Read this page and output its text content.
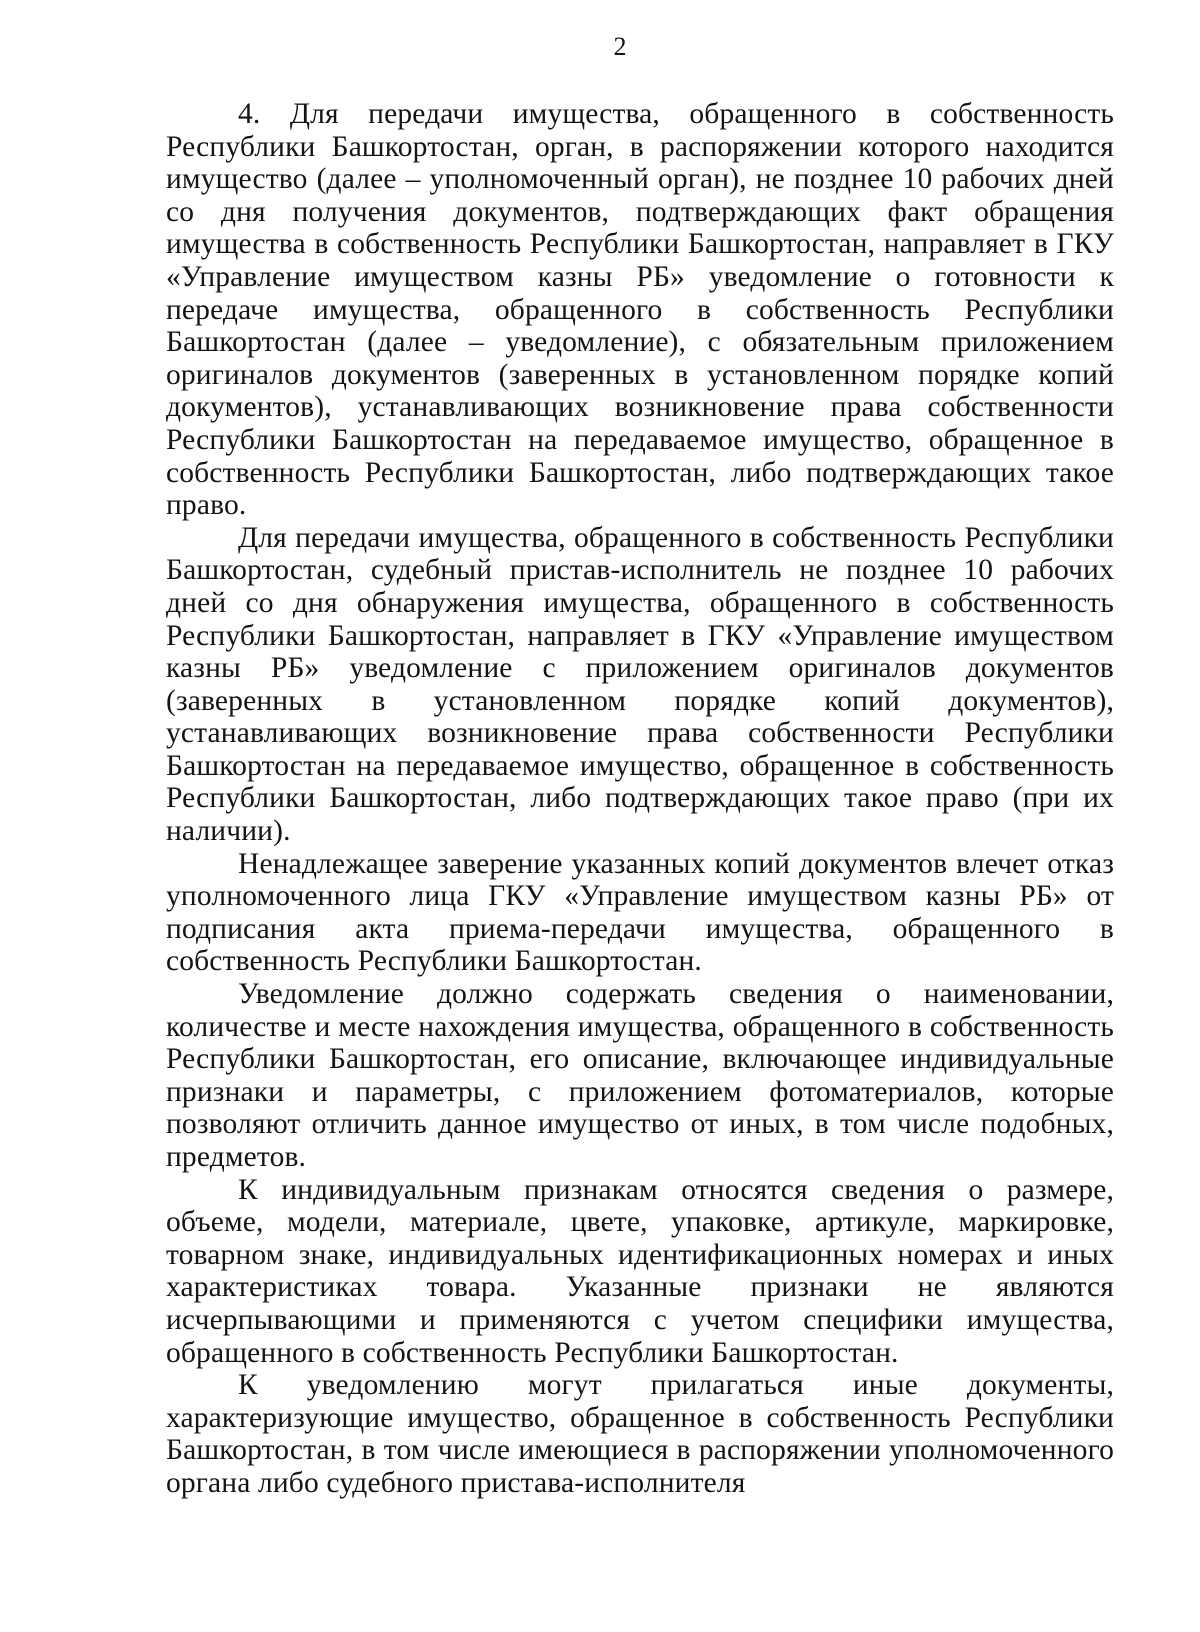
2

4. Для передачи имущества, обращенного в собственность Республики Башкортостан, орган, в распоряжении которого находится имущество (далее – уполномоченный орган), не позднее 10 рабочих дней со дня получения документов, подтверждающих факт обращения имущества в собственность Республики Башкортостан, направляет в ГКУ «Управление имуществом казны РБ» уведомление о готовности к передаче имущества, обращенного в собственность Республики Башкортостан (далее – уведомление), с обязательным приложением оригиналов документов (заверенных в установленном порядке копий документов), устанавливающих возникновение права собственности Республики Башкортостан на передаваемое имущество, обращенное в собственность Республики Башкортостан, либо подтверждающих такое право.

Для передачи имущества, обращенного в собственность Республики Башкортостан, судебный пристав-исполнитель не позднее 10 рабочих дней со дня обнаружения имущества, обращенного в собственность Республики Башкортостан, направляет в ГКУ «Управление имуществом казны РБ» уведомление с приложением оригиналов документов (заверенных в установленном порядке копий документов), устанавливающих возникновение права собственности Республики Башкортостан на передаваемое имущество, обращенное в собственность Республики Башкортостан, либо подтверждающих такое право (при их наличии).

Ненадлежащее заверение указанных копий документов влечет отказ уполномоченного лица ГКУ «Управление имуществом казны РБ» от подписания акта приема-передачи имущества, обращенного в собственность Республики Башкортостан.

Уведомление должно содержать сведения о наименовании, количестве и месте нахождения имущества, обращенного в собственность Республики Башкортостан, его описание, включающее индивидуальные признаки и параметры, с приложением фотоматериалов, которые позволяют отличить данное имущество от иных, в том числе подобных, предметов.

К индивидуальным признакам относятся сведения о размере, объеме, модели, материале, цвете, упаковке, артикуле, маркировке, товарном знаке, индивидуальных идентификационных номерах и иных характеристиках товара. Указанные признаки не являются исчерпывающими и применяются с учетом специфики имущества, обращенного в собственность Республики Башкортостан.

К уведомлению могут прилагаться иные документы, характеризующие имущество, обращенное в собственность Республики Башкортостан, в том числе имеющиеся в распоряжении уполномоченного органа либо судебного пристава-исполнителя
